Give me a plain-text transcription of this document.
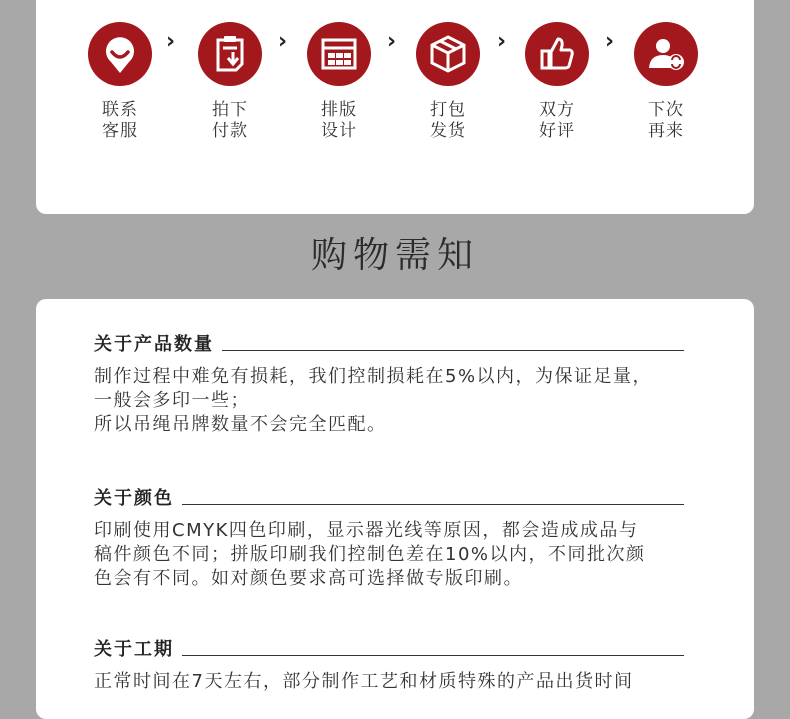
联系
客服
›
拍下
付款
›
排版
设计
›
打包
发货
›
双方
好评
›
下次
再来
购物需知
关于产品数量

制作过程中难免有损耗，我们控制损耗在5%以内，为保证足量，

一般会多印一些；

所以吊绳吊牌数量不会完全匹配。

关于颜色

印刷使用CMYK四色印刷，显示器光线等原因，都会造成成品与

稿件颜色不同；拼版印刷我们控制色差在10%以内，不同批次颜

色会有不同。如对颜色要求高可选择做专版印刷。

关于工期

正常时间在7天左右，部分制作工艺和材质特殊的产品出货时间
